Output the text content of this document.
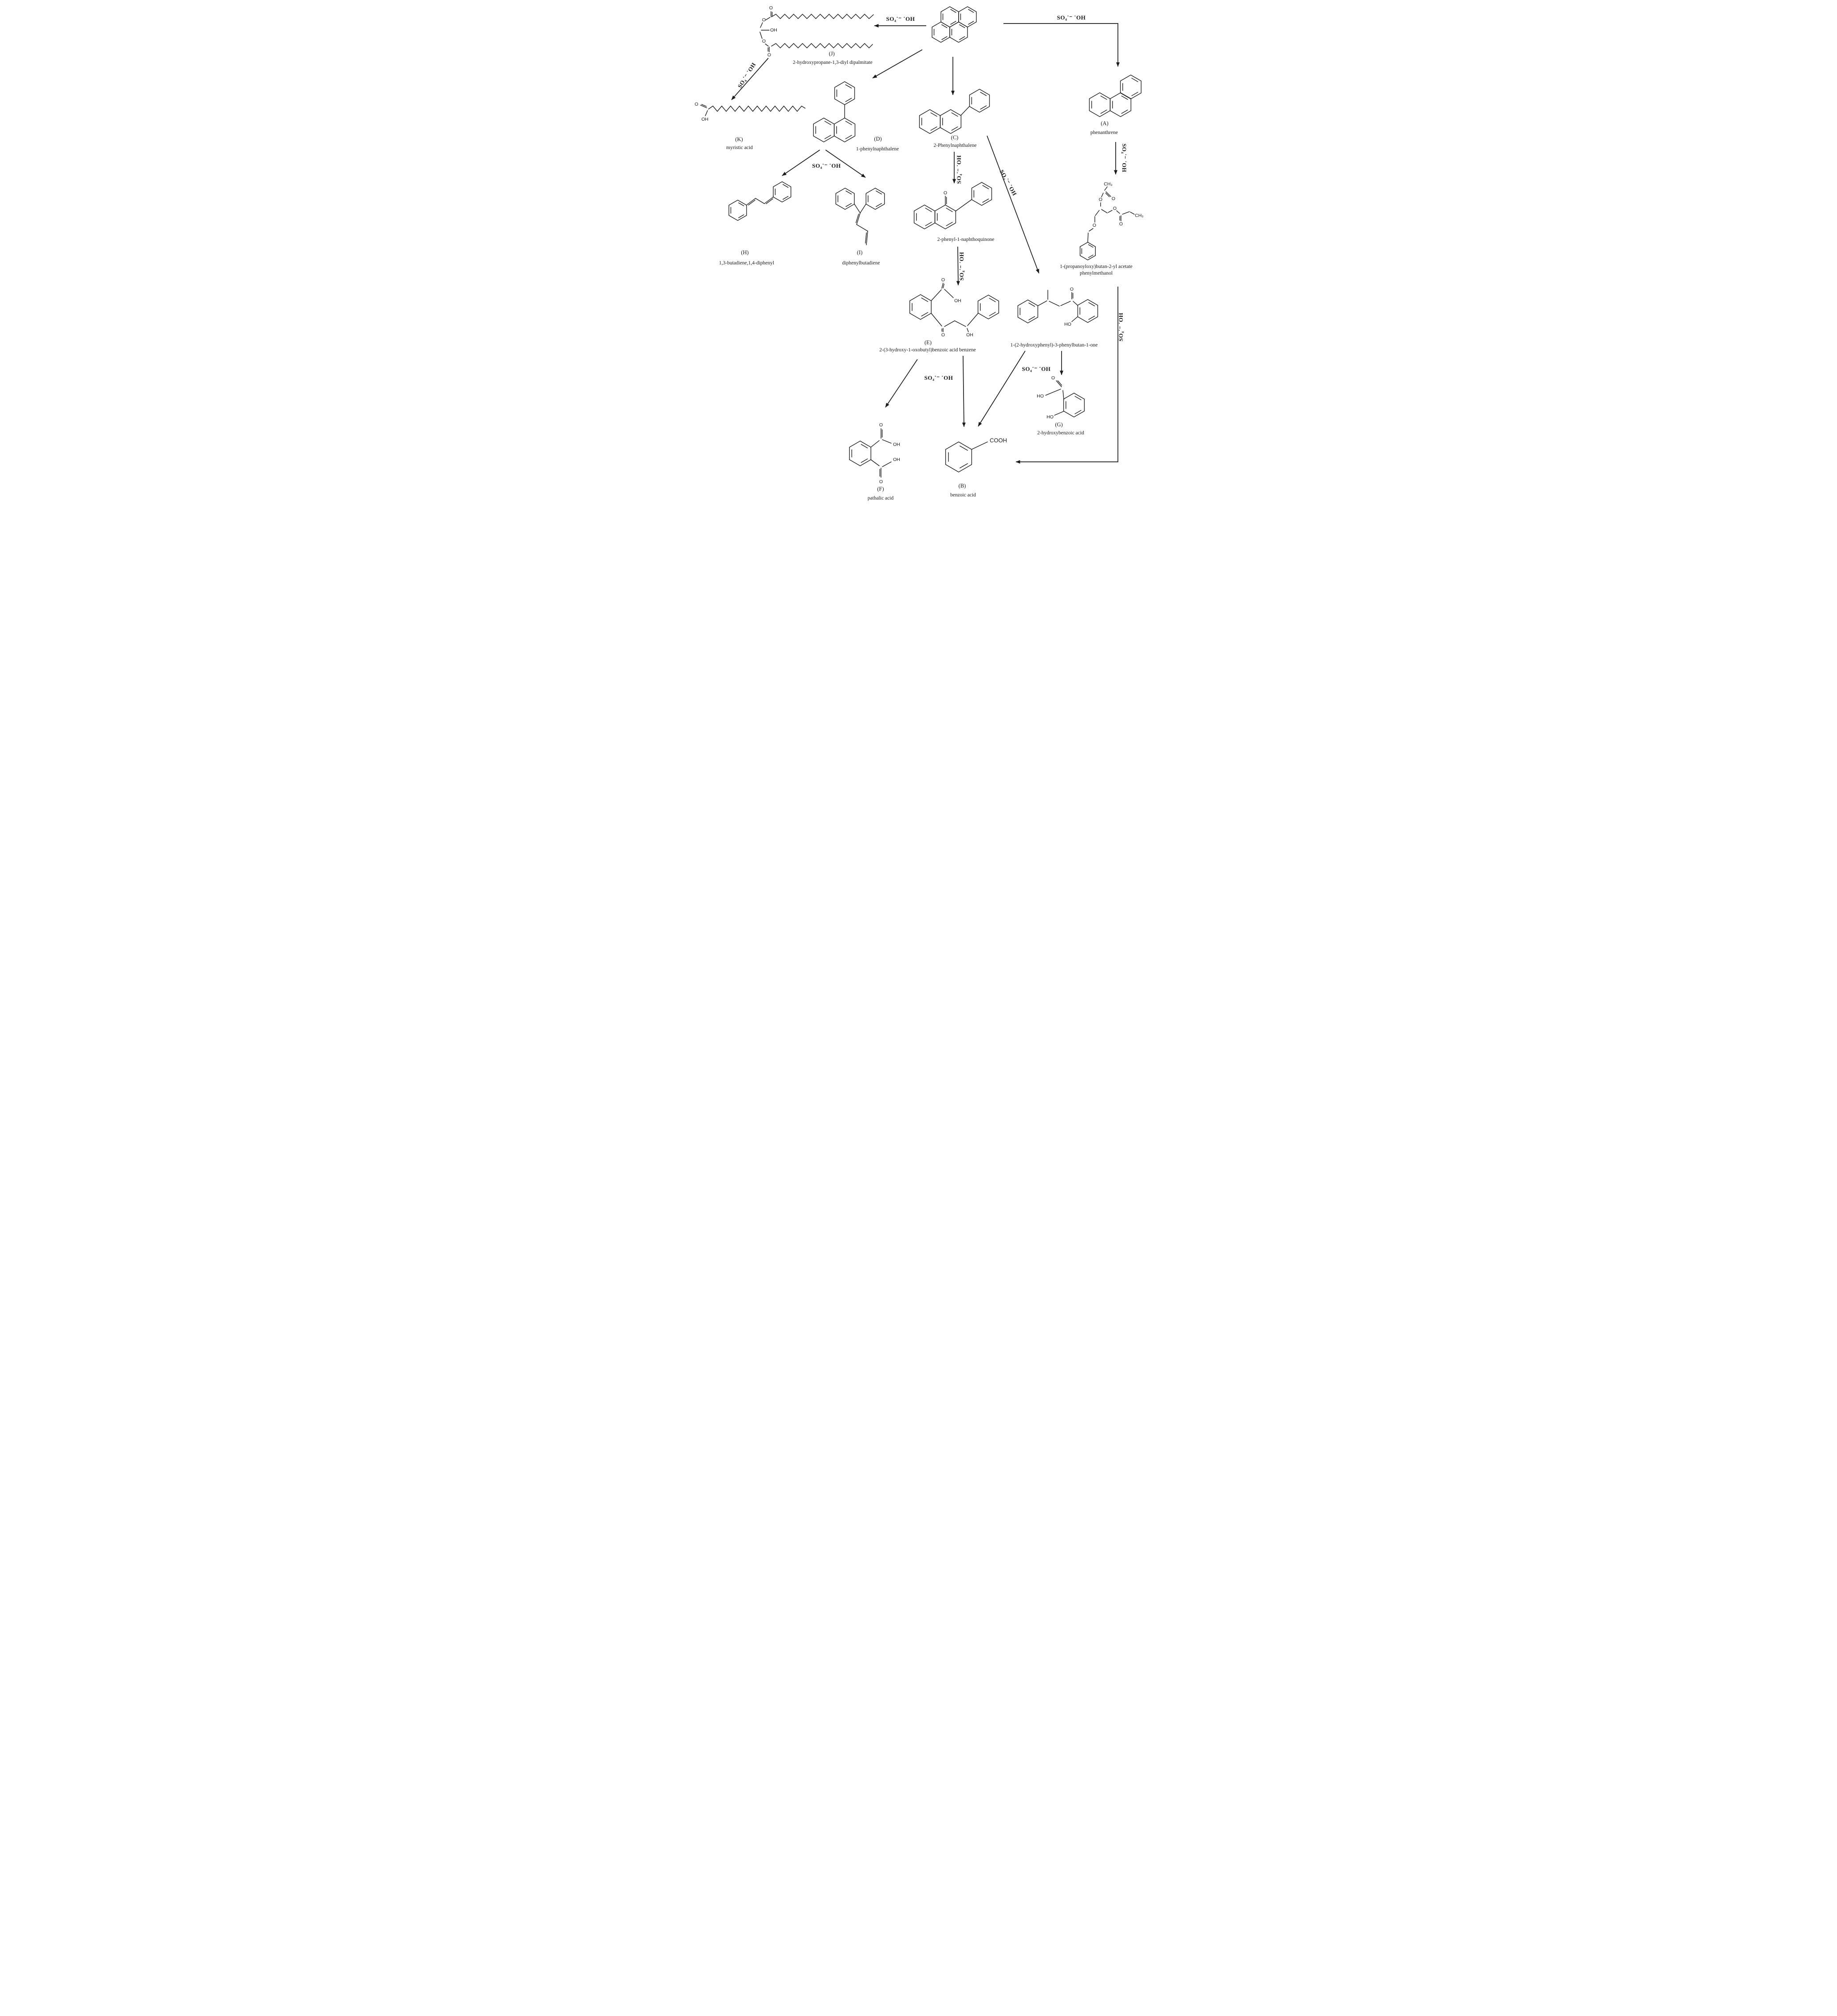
O
O
OH
O
O	(J)
2-hydroxypropane-1,3-diyl dipalmitate
O
OH
(K)
myristic acid
(A)
phenanthrene
(D)
1-phenylnaphthalene
(C)
2-Phenylnaphthalene
(H)
1,3-butadiene,1,4-diphenyl
(I)
diphenylbutadiene
O
2-phenyl-1-naphthoquinone
O
OH
O	OH
(E)
2-(3-hydroxy-1-oxobutyl)benzoic acid benzene
O
HO
1-(2-hydroxyphenyl)-3-phenylbutan-1-one
CH₃
O
O
O
O
CH₃
O
1-(propanoyloxy)butan-2-yl acetate
phenylmethanol
O
HO
HO
(G)
2-hydroxybenzoic acid
O
OH
O
OH
(F)
pathalic acid
COOH
(B)
benzoic acid
SO₄˙⁻ ˙OH
SO₄˙⁻ ˙OH
SO₄˙⁻ ˙OH
SO₄˙⁻ ˙OH
SO₄˙⁻ ˙OH	SO₄˙⁻ ˙OH
SO₄˙⁻ ˙OH
SO₄˙⁻ ˙OH
SO₄˙⁻ ˙OH
SO₄˙⁻ ˙OH
SO₄˙⁻ ˙OH
